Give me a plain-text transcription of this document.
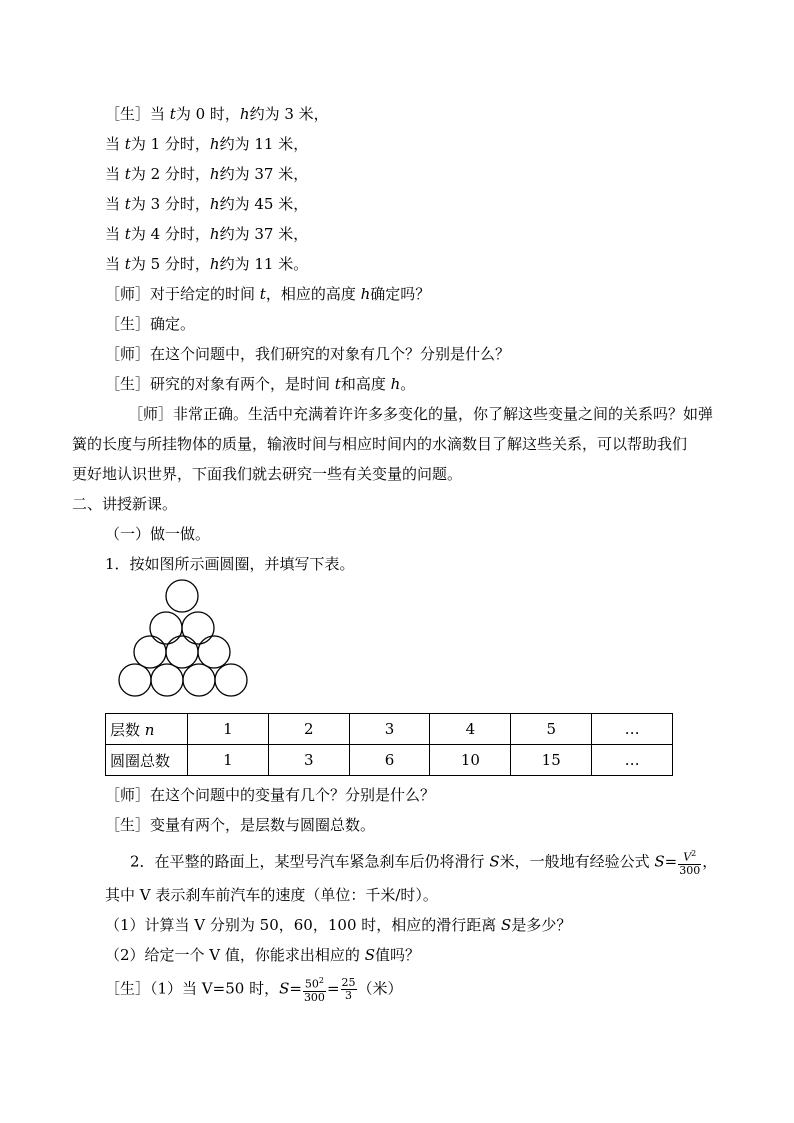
［生］当 t为 0 时，h约为 3 米，
当 t为 1 分时，h约为 11 米，
当 t为 2 分时，h约为 37 米，
当 t为 3 分时，h约为 45 米，
当 t为 4 分时，h约为 37 米，
当 t为 5 分时，h约为 11 米。
［师］对于给定的时间 t，相应的高度 h确定吗？
［生］确定。
［师］在这个问题中，我们研究的对象有几个？分别是什么？
［生］研究的对象有两个，是时间 t和高度 h。
［师］非常正确。生活中充满着许许多多变化的量，你了解这些变量之间的关系吗？如弹
簧的长度与所挂物体的质量，输液时间与相应时间内的水滴数目了解这些关系，可以帮助我们
更好地认识世界，下面我们就去研究一些有关变量的问题。
二、讲授新课。
（一）做一做。
1．按如图所示画圆圈，并填写下表。
层数 n	1	2	3	4	5	…
圆圈总数	1	3	6	10	15	…
［师］在这个问题中的变量有几个？分别是什么？
［生］变量有两个，是层数与圆圈总数。
2．在平整的路面上，某型号汽车紧急刹车后仍将滑行 S米，一般地有经验公式 $S= \frac{V^2}{300}$ ，
其中 V 表示刹车前汽车的速度（单位：千米/时）。
（1）计算当 V 分别为 50，60，100 时，相应的滑行距离 S是多少？
（2）给定一个 V 值，你能求出相应的 S值吗？
［生］（1）当 V=50 时，$S= \frac{50^2}{300} = \frac{25}{3}$ （米）
